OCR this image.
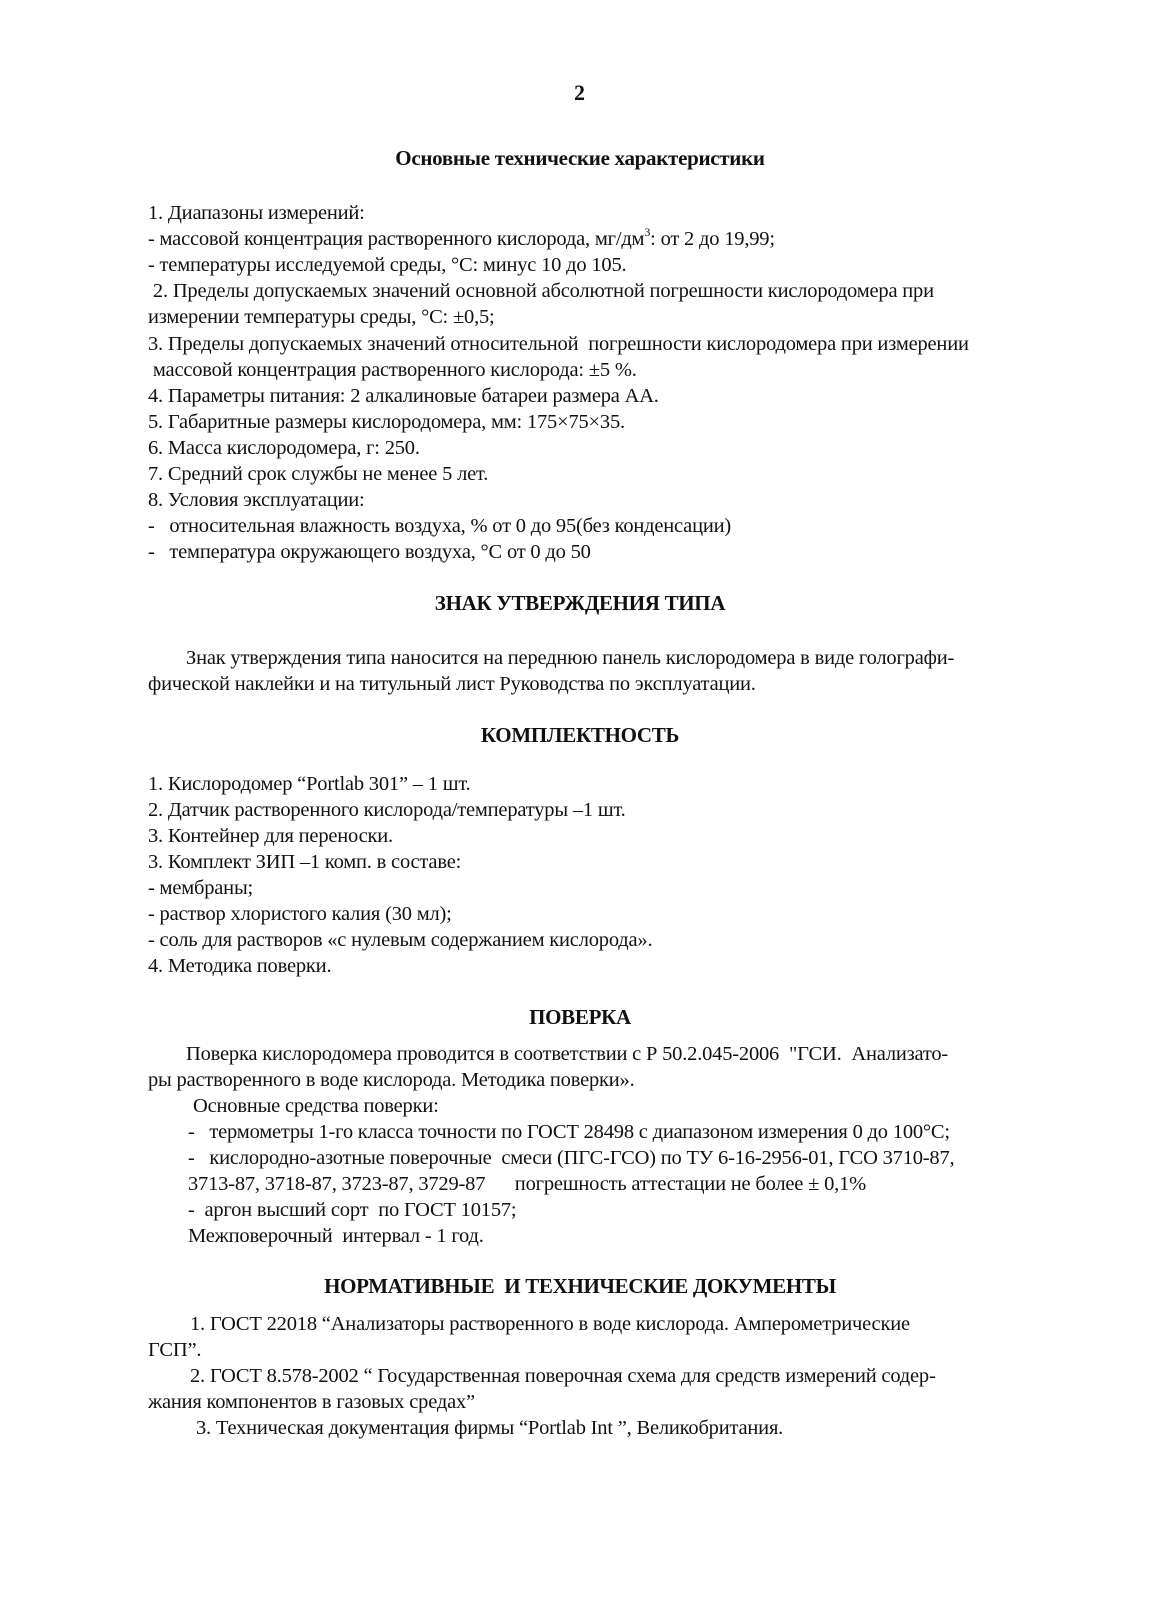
2
Основные технические характеристики
1. Диапазоны измерений:
- массовой концентрация растворенного кислорода, $мг/дм^3$: от 2 до 19,99;
- температуры исследуемой среды, °С: минус 10 до 105.
2. Пределы допускаемых значений основной абсолютной погрешности кислородомера при
измерении температуры среды, °С: ±0,5;
3. Пределы допускаемых значений относительной  погрешности кислородомера при измерении
массовой концентрация растворенного кислорода: ±5 %.
4. Параметры питания: 2 алкалиновые батареи размера АА.
5. Габаритные размеры кислородомера, мм: 175×75×35.
6. Масса кислородомера, г: 250.
7. Средний срок службы не менее 5 лет.
8. Условия эксплуатации:
-   относительная влажность воздуха, % от 0 до 95(без конденсации)
-   температура окружающего воздуха, °С от 0 до 50
ЗНАК УТВЕРЖДЕНИЯ ТИПА
Знак утверждения типа наносится на переднюю панель кислородомера в виде голографи-
фической наклейки и на титульный лист Руководства по эксплуатации.
КОМПЛЕКТНОСТЬ
1. Кислородомер “Portlab 301” – 1 шт.
2. Датчик растворенного кислорода/температуры –1 шт.
3. Контейнер для переноски.
3. Комплект ЗИП –1 комп. в составе:
- мембраны;
- раствор хлористого калия (30 мл);
- соль для растворов «с нулевым содержанием кислорода».
4. Методика поверки.
ПОВЕРКА
Поверка кислородомера проводится в соответствии с Р 50.2.045-2006  "ГСИ.  Анализато-
ры растворенного в воде кислорода. Методика поверки».
Основные средства поверки:
-   термометры 1-го класса точности по ГОСТ 28498 с диапазоном измерения 0 до 100°С;
-   кислородно-азотные поверочные  смеси (ПГС-ГСО) по ТУ 6-16-2956-01, ГСО 3710-87,
3713-87, 3718-87, 3723-87, 3729-87      погрешность аттестации не более ± 0,1%
-  аргон высший сорт  по ГОСТ 10157;
Межповерочный  интервал - 1 год.
НОРМАТИВНЫЕ  И ТЕХНИЧЕСКИЕ ДОКУМЕНТЫ
1. ГОСТ 22018 “Анализаторы растворенного в воде кислорода. Амперометрические
ГСП”.
2. ГОСТ 8.578-2002 “ Государственная поверочная схема для средств измерений содер-
жания компонентов в газовых средах”
3. Техническая документация фирмы “Portlab Int ”, Великобритания.
